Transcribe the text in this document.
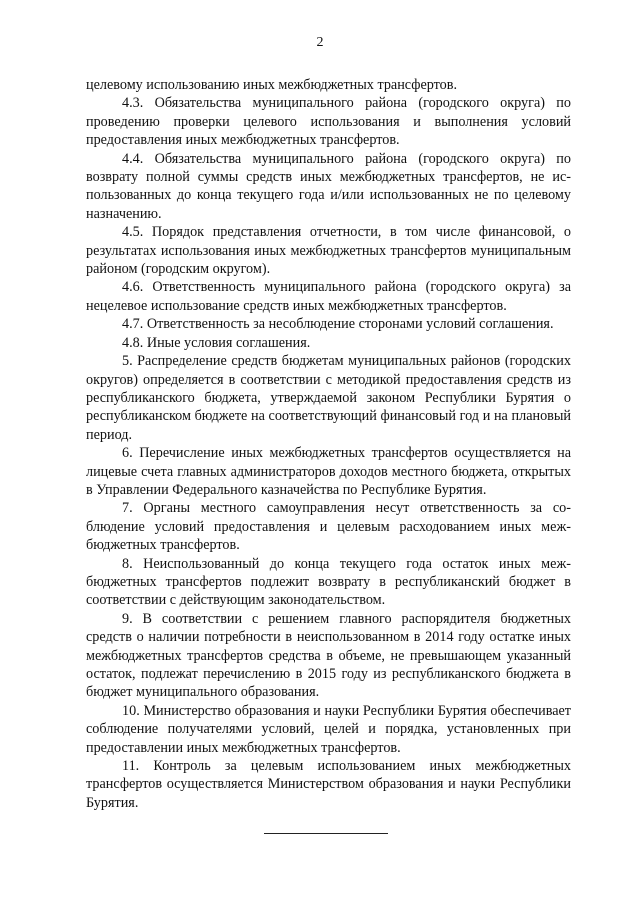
2

целевому использованию иных межбюджетных трансфертов.

4.3. Обязательства муниципального района (городского округа) по проведению проверки целевого использования и выполнения условий предоставления иных межбюджетных трансфертов.

4.4. Обязательства муниципального района (городского округа) по возврату полной суммы средств иных межбюджетных трансфертов, не использованных до конца текущего года и/или использованных не по целевому назначению.

4.5. Порядок представления отчетности, в том числе финансовой, о результатах использования иных межбюджетных трансфертов муниципальным районом (городским округом).

4.6. Ответственность муниципального района (городского округа) за нецелевое использование средств иных межбюджетных трансфертов.

4.7. Ответственность за несоблюдение сторонами условий соглашения.

4.8. Иные условия соглашения.

5. Распределение средств бюджетам муниципальных районов (городских округов) определяется в соответствии с методикой предоставления средств из республиканского бюджета, утверждаемой законом Республики Бурятия о республиканском бюджете на соответствующий финансовый год и на плановый период.

6. Перечисление иных межбюджетных трансфертов осуществляется на лицевые счета главных администраторов доходов местного бюджета, открытых в Управлении Федерального казначейства по Республике Бурятия.

7. Органы местного самоуправления несут ответственность за соблюдение условий предоставления и целевым расходованием иных межбюджетных трансфертов.

8. Неиспользованный до конца текущего года остаток иных межбюджетных трансфертов подлежит возврату в республиканский бюджет в соответствии с действующим законодательством.

9. В соответствии с решением главного распорядителя бюджетных средств о наличии потребности в неиспользованном в 2014 году остатке иных межбюджетных трансфертов средства в объеме, не превышающем указанный остаток, подлежат перечислению в 2015 году из республиканского бюджета в бюджет муниципального образования.

10. Министерство образования и науки Республики Бурятия обеспечивает соблюдение получателями условий, целей и порядка, установленных при предоставлении иных межбюджетных трансфертов.

11. Контроль за целевым использованием иных межбюджетных трансфертов осуществляется Министерством образования и науки Республики Бурятия.
